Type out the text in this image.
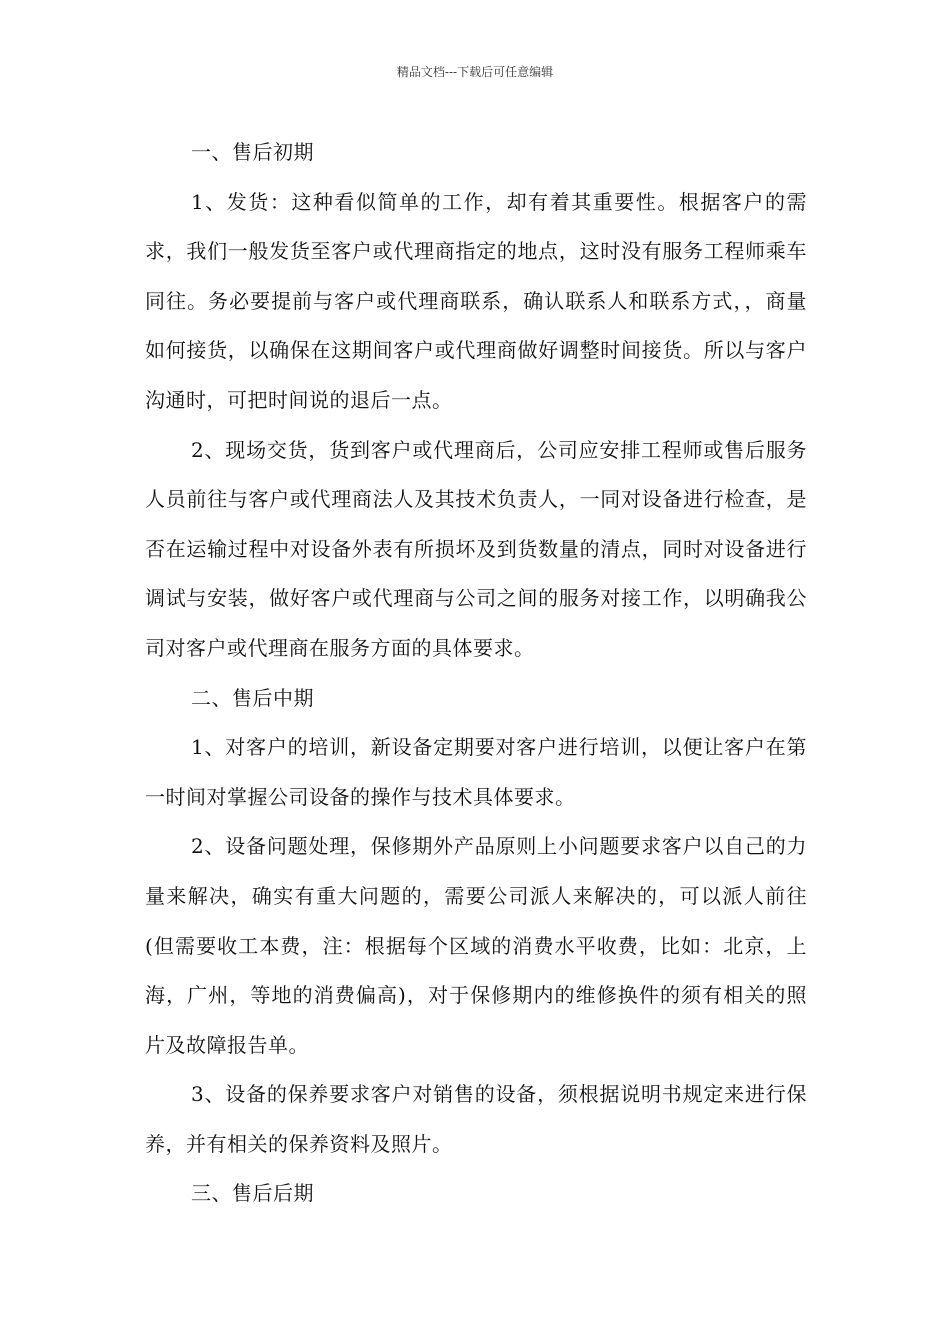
精品文档---下载后可任意编辑

一、售后初期

1、发货：这种看似简单的工作，却有着其重要性。根据客户的需求，我们一般发货至客户或代理商指定的地点，这时没有服务工程师乘车同往。务必要提前与客户或代理商联系，确认联系人和联系方式，，商量如何接货，以确保在这期间客户或代理商做好调整时间接货。所以与客户沟通时，可把时间说的退后一点。

2、现场交货，货到客户或代理商后，公司应安排工程师或售后服务人员前往与客户或代理商法人及其技术负责人，一同对设备进行检查，是否在运输过程中对设备外表有所损坏及到货数量的清点，同时对设备进行调试与安装，做好客户或代理商与公司之间的服务对接工作，以明确我公司对客户或代理商在服务方面的具体要求。

二、售后中期

1、对客户的培训，新设备定期要对客户进行培训，以便让客户在第一时间对掌握公司设备的操作与技术具体要求。

2、设备问题处理，保修期外产品原则上小问题要求客户以自己的力量来解决，确实有重大问题的，需要公司派人来解决的，可以派人前往(但需要收工本费，注：根据每个区域的消费水平收费，比如：北京，上海，广州，等地的消费偏高)，对于保修期内的维修换件的须有相关的照片及故障报告单。

3、设备的保养要求客户对销售的设备，须根据说明书规定来进行保养，并有相关的保养资料及照片。

三、售后后期
